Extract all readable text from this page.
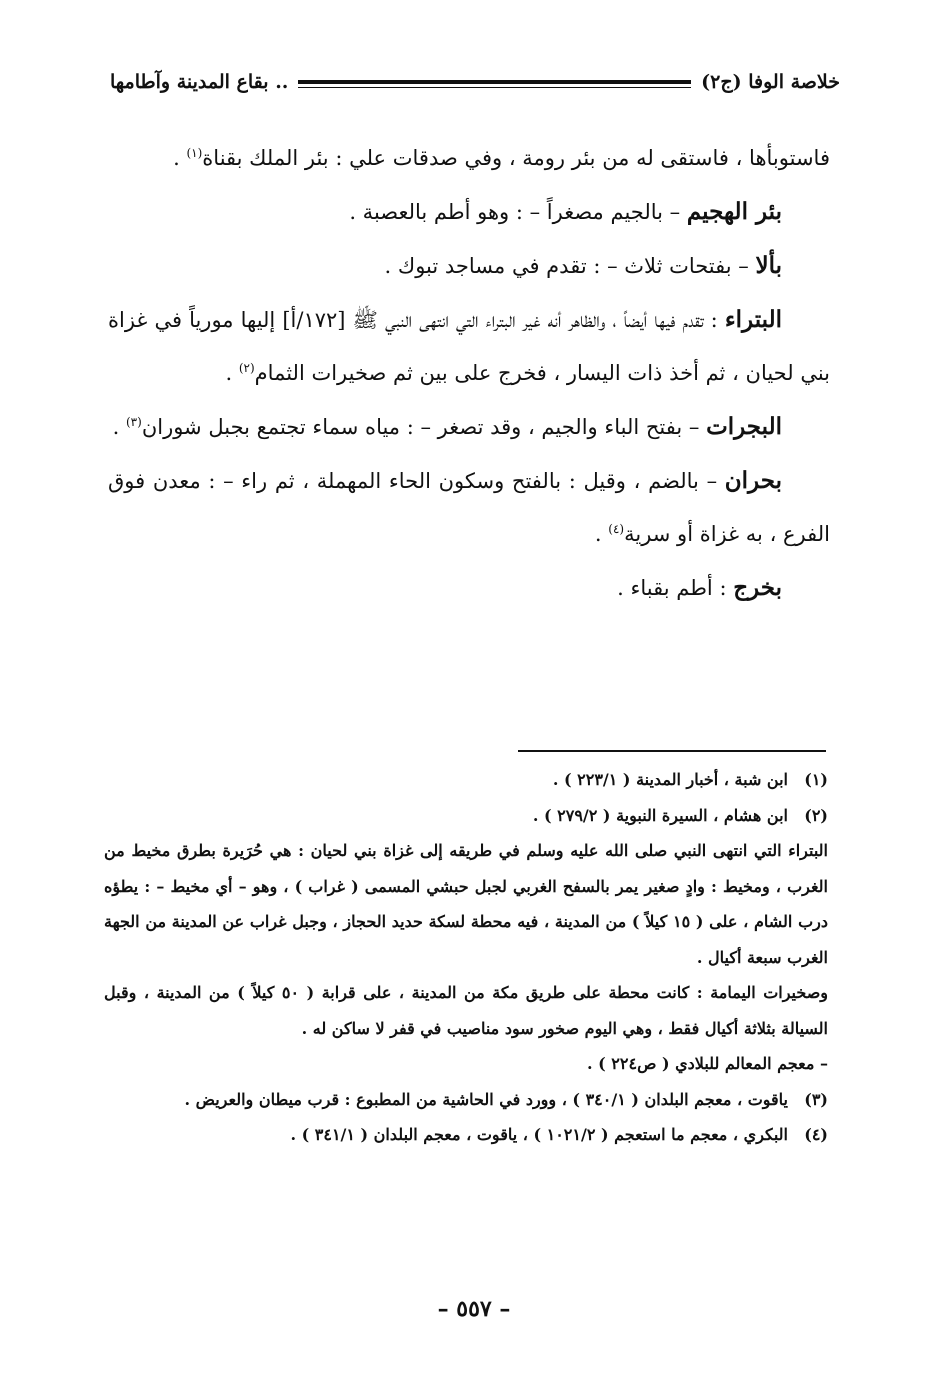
خلاصة الوفا (ج٢)
بقاع المدينة وآطامها ..

فاستوبأها ، فاستقى له من بئر رومة ، وفي صدقات علي : بئر الملك بقناة$^{(١)}$ .

بئر الهجيم – بالجيم مصغراً – : وهو أطم بالعصبة .

بألا – بفتحات ثلاث – : تقدم في مساجد تبوك .

البتراء : تقدم فيها أيضاً ، والظاهر أنه غير البتراء التي انتهى النبي ﷺ [١٧٢/أ] إليها مورياً في غزاة بني لحيان ، ثم أخذ ذات اليسار ، فخرج على بين ثم صخيرات الثمام$^{(٢)}$ .

البجرات – بفتح الباء والجيم ، وقد تصغر – : مياه سماء تجتمع بجبل شوران$^{(٣)}$ .

بحران – بالضم ، وقيل : بالفتح وسكون الحاء المهملة ، ثم راء – : معدن فوق الفرع ، به غزاة أو سرية$^{(٤)}$ .

بخرج : أطم بقباء .

(١)ابن شبة ، أخبار المدينة ( ٢٢٣/١ ) .

(٢)ابن هشام ، السيرة النبوية ( ٢٧٩/٢ ) .

البتراء التي انتهى النبي صلى الله عليه وسلم في طريقه إلى غزاة بني لحيان : هي حُرَيرة بطرق مخيط من الغرب ، ومخيط : وادٍ صغير يمر بالسفح الغربي لجبل حبشي المسمى ( غراب ) ، وهو – أي مخيط – : يطؤه درب الشام ، على ( ١٥ كيلاً ) من المدينة ، فيه محطة لسكة حديد الحجاز ، وجبل غراب عن المدينة من الجهة الغرب سبعة أكيال .

وصخيرات اليمامة : كانت محطة على طريق مكة من المدينة ، على قرابة ( ٥٠ كيلاً ) من المدينة ، وقبل السيالة بثلاثة أكيال فقط ، وهي اليوم صخور سود مناصيب في قفر لا ساكن له .

– معجم المعالم للبلادي ( ص٢٢٤ ) .

(٣)ياقوت ، معجم البلدان ( ٣٤٠/١ ) ، وورد في الحاشية من المطبوع : قرب ميطان والعريض .

(٤)البكري ، معجم ما استعجم ( ١٠٢١/٢ ) ، ياقوت ، معجم البلدان ( ٣٤١/١ ) .

– ٥٥٧ –
